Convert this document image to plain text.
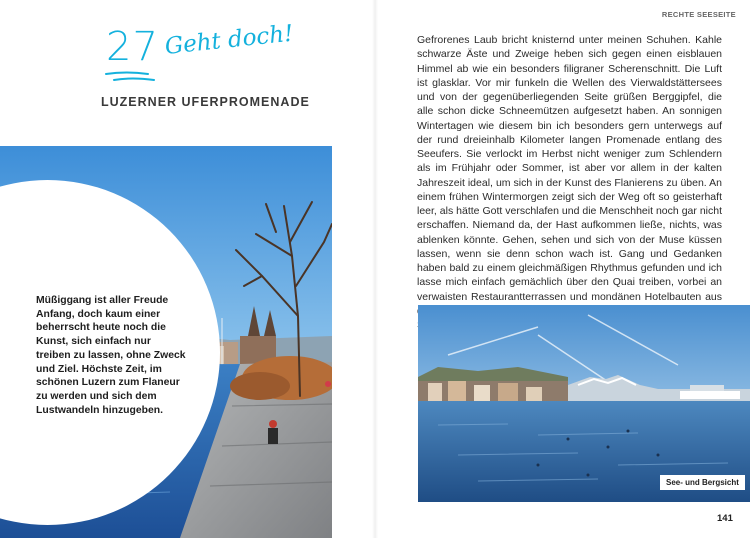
27 Geht doch!
LUZERNER UFERPROMENADE
Müßiggang ist aller Freude Anfang, doch kaum einer beherrscht heute noch die Kunst, sich einfach nur treiben zu lassen, ohne Zweck und Ziel. Höchste Zeit, im schönen Luzern zum Flaneur zu werden und sich dem Lustwandeln hinzugeben.
RECHTE SEESEITE
Gefrorenes Laub bricht knisternd unter meinen Schuhen. Kahle schwarze Äste und Zweige heben sich gegen einen eisblauen Himmel ab wie ein besonders filigraner Scherenschnitt. Die Luft ist glasklar. Vor mir funkeln die Wellen des Vierwaldstättersees und von der gegenüberliegenden Seite grüßen Berggipfel, die alle schon dicke Schneemützen aufgesetzt haben. An sonnigen Wintertagen wie diesem bin ich besonders gern unterwegs auf der rund dreieinhalb Kilometer langen Promenade entlang des Seeufers. Sie verlockt im Herbst nicht weniger zum Schlendern als im Frühjahr oder Sommer, ist aber vor allem in der kalten Jahreszeit ideal, um sich in der Kunst des Flanierens zu üben. An einem frühen Wintermorgen zeigt sich der Weg oft so geisterhaft leer, als hätte Gott verschlafen und die Menschheit noch gar nicht erschaffen. Niemand da, der Hast aufkommen ließe, nichts, was ablenken könnte. Gehen, sehen und sich von der Muse küssen lassen, wenn sie denn schon wach ist. Gang und Gedanken haben bald zu einem gleichmäßigen Rhythmus gefunden und ich lasse mich einfach gemächlich über den Quai treiben, vorbei an verwaisten Restaurantterrassen und mondänen Hotelbauten aus
See- und Bergsicht
141
